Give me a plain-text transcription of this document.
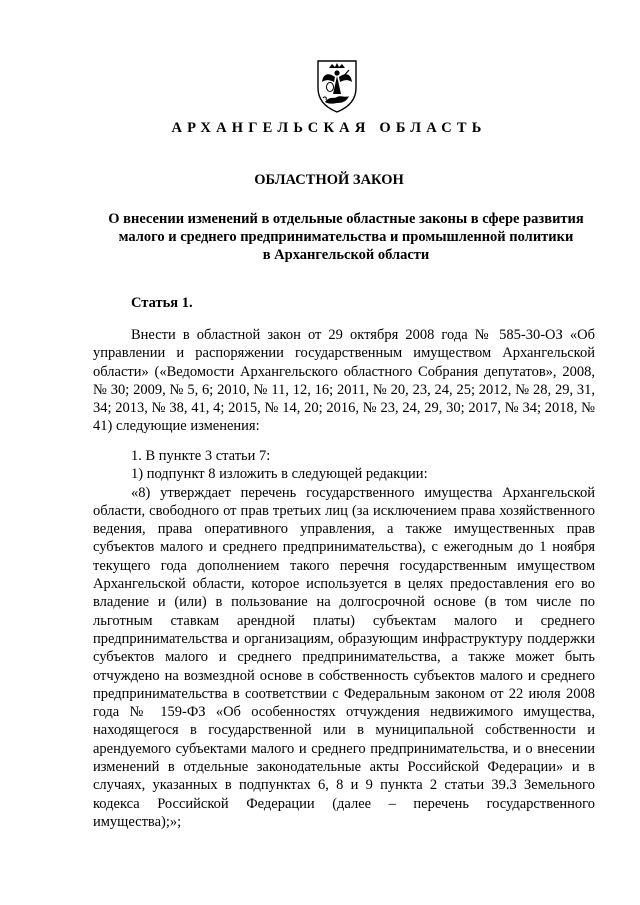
АРХАНГЕЛЬСКАЯ ОБЛАСТЬ
ОБЛАСТНОЙ ЗАКОН
О внесении изменений в отдельные областные законы в сфере развития
малого и среднего предпринимательства и промышленной политики
в Архангельской области
Статья 1.

Внести в областной закон от 29 октября 2008 года № 585-30-ОЗ «Об управлении и распоряжении государственным имуществом Архангельской области» («Ведомости Архангельского областного Собрания депутатов», 2008, № 30; 2009, № 5, 6; 2010, № 11, 12, 16; 2011, № 20, 23, 24, 25; 2012, № 28, 29, 31, 34; 2013, № 38, 41, 4; 2015, № 14, 20; 2016, № 23, 24, 29, 30; 2017, № 34; 2018, № 41) следующие изменения:

1. В пункте 3 статьи 7:

1) подпункт 8 изложить в следующей редакции:

«8) утверждает перечень государственного имущества Архангельской области, свободного от прав третьих лиц (за исключением права хозяйственного ведения, права оперативного управления, а также имущественных прав субъектов малого и среднего предпринимательства), с ежегодным до 1 ноября текущего года дополнением такого перечня государственным имуществом Архангельской области, которое используется в целях предоставления его во владение и (или) в пользование на долгосрочной основе (в том числе по льготным ставкам арендной платы) субъектам малого и среднего предпринимательства и организациям, образующим инфраструктуру поддержки субъектов малого и среднего предпринимательства, а также может быть отчуждено на возмездной основе в собственность субъектов малого и среднего предпринимательства в соответствии с Федеральным законом от 22 июля 2008 года № 159-ФЗ «Об особенностях отчуждения недвижимого имущества, находящегося в государственной или в муниципальной собственности и арендуемого субъектами малого и среднего предпринимательства, и о внесении изменений в отдельные законодательные акты Российской Федерации» и в случаях, указанных в подпунктах 6, 8 и 9 пункта 2 статьи 39.3 Земельного кодекса Российской Федерации (далее – перечень государственного имущества);»;
